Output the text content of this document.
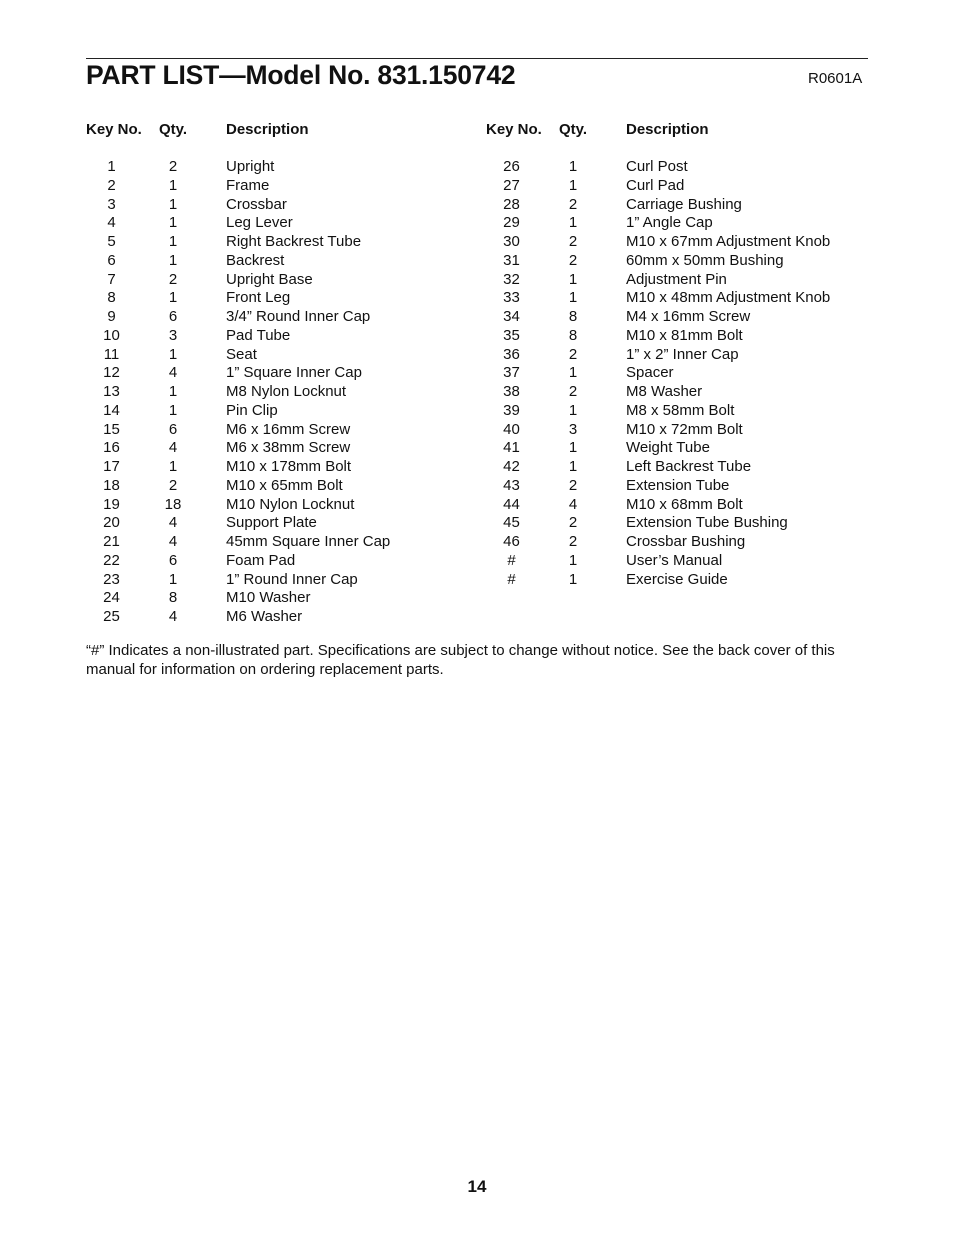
PART LIST—Model No. 831.150742	R0601A
Key No.	Qty.	Description
1	2	Upright
2	1	Frame
3	1	Crossbar
4	1	Leg Lever
5	1	Right Backrest Tube
6	1	Backrest
7	2	Upright Base
8	1	Front Leg
9	6	3/4” Round Inner Cap
10	3	Pad Tube
11	1	Seat
12	4	1” Square Inner Cap
13	1	M8 Nylon Locknut
14	1	Pin Clip
15	6	M6 x 16mm Screw
16	4	M6 x 38mm Screw
17	1	M10 x 178mm Bolt
18	2	M10 x 65mm Bolt
19	18	M10 Nylon Locknut
20	4	Support Plate
21	4	45mm Square Inner Cap
22	6	Foam Pad
23	1	1” Round Inner Cap
24	8	M10 Washer
25	4	M6 Washer
Key No.	Qty.	Description
26	1	Curl Post
27	1	Curl Pad
28	2	Carriage Bushing
29	1	1” Angle Cap
30	2	M10 x 67mm Adjustment Knob
31	2	60mm x 50mm Bushing
32	1	Adjustment Pin
33	1	M10 x 48mm Adjustment Knob
34	8	M4 x 16mm Screw
35	8	M10 x 81mm Bolt
36	2	1” x 2” Inner Cap
37	1	Spacer
38	2	M8 Washer
39	1	M8 x 58mm Bolt
40	3	M10 x 72mm Bolt
41	1	Weight Tube
42	1	Left Backrest Tube
43	2	Extension Tube
44	4	M10 x 68mm Bolt
45	2	Extension Tube Bushing
46	2	Crossbar Bushing
#	1	User’s Manual
#	1	Exercise Guide
“#” Indicates a non-illustrated part. Specifications are subject to change without notice. See the back cover of this manual for information on ordering replacement parts.
14
